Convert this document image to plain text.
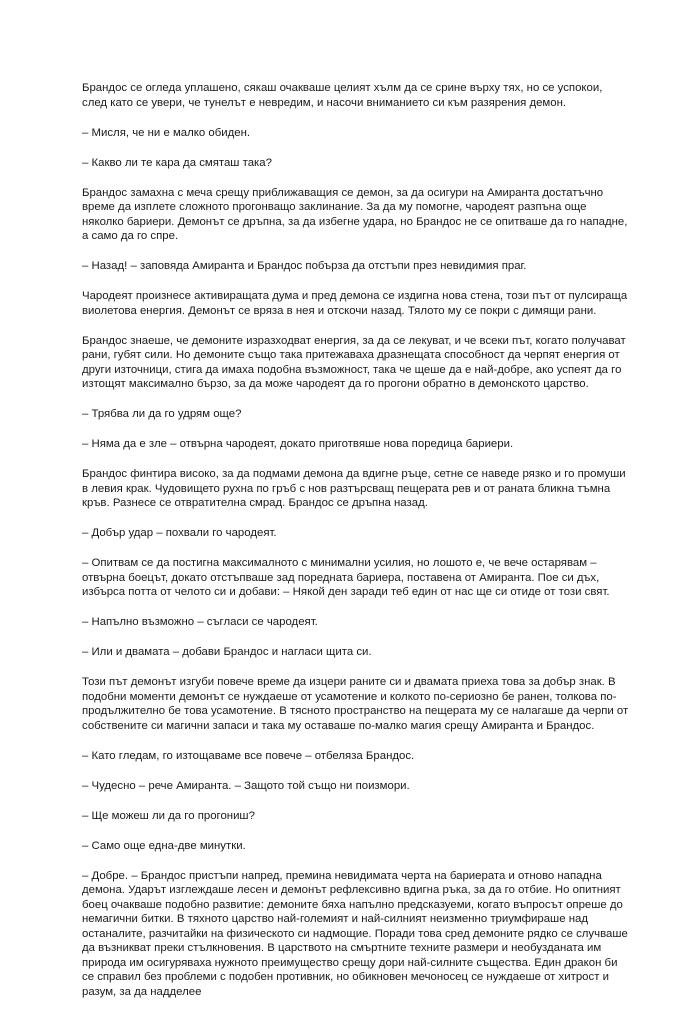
Брандос се огледа уплашено, сякаш очакваше целият хълм да се срине върху тях, но се успокои, след като се увери, че тунелът е невредим, и насочи вниманието си към разярения демон.

– Мисля, че ни е малко обиден.

– Какво ли те кара да смяташ така?

Брандос замахна с меча срещу приближаващия се демон, за да осигури на Амиранта достатъчно време да изплете сложното прогонващо заклинание. За да му помогне, чародеят разпъна още няколко бариери. Демонът се дръпна, за да избегне удара, но Брандос не се опитваше да го нападне, а само да го спре.

– Назад! – заповяда Амиранта и Брандос побърза да отстъпи през невидимия праг.

Чародеят произнесе активиращата дума и пред демона се издигна нова стена, този път от пулсираща виолетова енергия. Демонът се вряза в нея и отскочи назад. Тялото му се покри с димящи рани.

Брандос знаеше, че демоните изразходват енергия, за да се лекуват, и че всеки път, когато получават рани, губят сили. Но демоните също така притежаваха дразнещата способност да черпят енергия от други източници, стига да имаха подобна възможност, така че щеше да е най-добре, ако успеят да го изтощят максимално бързо, за да може чародеят да го прогони обратно в демонското царство.

– Трябва ли да го удрям още?

– Няма да е зле – отвърна чародеят, докато приготвяше нова поредица бариери.

Брандос финтира високо, за да подмами демона да вдигне ръце, сетне се наведе рязко и го промуши в левия крак. Чудовището рухна по гръб с нов разтърсващ пещерата рев и от раната бликна тъмна кръв. Разнесе се отвратителна смрад. Брандос се дръпна назад.

– Добър удар – похвали го чародеят.

– Опитвам се да постигна максималното с минимални усилия, но лошото е, че вече остарявам – отвърна боецът, докато отстъпваше зад поредната бариера, поставена от Амиранта. Пое си дъх, избърса потта от челото си и добави: – Някой ден заради теб един от нас ще си отиде от този свят.

– Напълно възможно – съгласи се чародеят.

– Или и двамата – добави Брандос и нагласи щита си.

Този път демонът изгуби повече време да изцери раните си и двамата приеха това за добър знак. В подобни моменти демонът се нуждаеше от усамотение и колкото по-сериозно бе ранен, толкова по-продължително бе това усамотение. В тясното пространство на пещерата му се налагаше да черпи от собствените си магични запаси и така му оставаше по-малко магия срещу Амиранта и Брандос.

– Като гледам, го изтощаваме все повече – отбеляза Брандос.

– Чудесно – рече Амиранта. – Защото той също ни поизмори.

– Ще можеш ли да го прогониш?

– Само още една-две минутки.

– Добре. – Брандос пристъпи напред, премина невидимата черта на бариерата и отново нападна демона. Ударът изглеждаше лесен и демонът рефлексивно вдигна ръка, за да го отбие. Но опитният боец очакваше подобно развитие: демоните бяха напълно предсказуеми, когато въпросът опреше до немагични битки. В тяхното царство най-големият и най-силният неизменно триумфираше над останалите, разчитайки на физическото си надмощие. Поради това сред демоните рядко се случваше да възникват преки стълкновения. В царството на смъртните техните размери и необузданата им природа им осигуряваха нужното преимущество срещу дори най-силните същества. Един дракон би се справил без проблеми с подобен противник, но обикновен мечоносец се нуждаеше от хитрост и разум, за да надделее
